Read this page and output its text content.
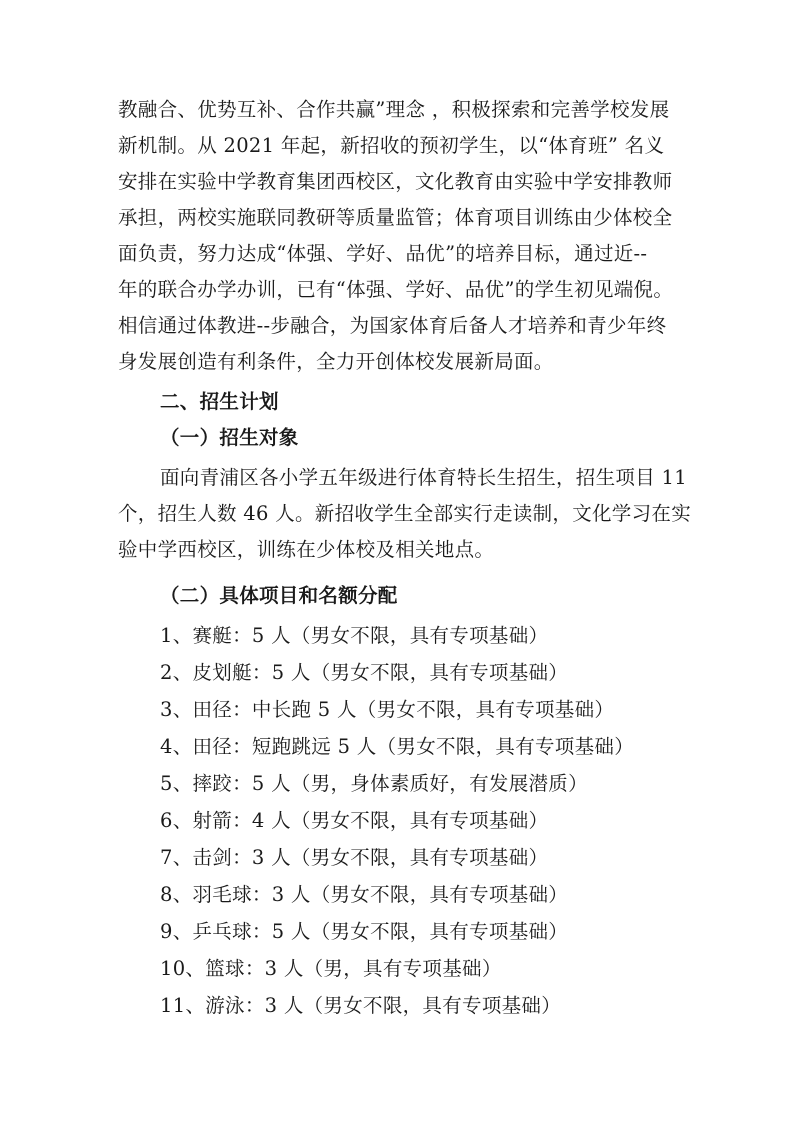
教融合、优势互补、合作共赢”理念 ，积极探索和完善学校发展
新机制。从 2021 年起，新招收的预初学生，以“体育班” 名义
安排在实验中学教育集团西校区，文化教育由实验中学安排教师
承担，两校实施联同教研等质量监管；体育项目训练由少体校全
面负责，努力达成“体强、学好、品优”的培养目标，通过近--
年的联合办学办训，已有“体强、学好、品优”的学生初见端倪。
相信通过体教进--步融合，为国家体育后备人才培养和青少年终
身发展创造有利条件，全力开创体校发展新局面。
二、招生计划
（一）招生对象
面向青浦区各小学五年级进行体育特长生招生，招生项目 11
个，招生人数 46 人。新招收学生全部实行走读制，文化学习在实
验中学西校区，训练在少体校及相关地点。
（二）具体项目和名额分配
1、赛艇：5 人（男女不限，具有专项基础）
2、皮划艇：5 人（男女不限，具有专项基础）
3、田径：中长跑 5 人（男女不限，具有专项基础）
4、田径：短跑跳远 5 人（男女不限，具有专项基础）
5、摔跤：5 人（男，身体素质好，有发展潜质）
6、射箭：4 人（男女不限，具有专项基础）
7、击剑：3 人（男女不限，具有专项基础）
8、羽毛球：3 人（男女不限，具有专项基础）
9、乒乓球：5 人（男女不限，具有专项基础）
10、篮球：3 人（男，具有专项基础）
11、游泳：3 人（男女不限，具有专项基础）
